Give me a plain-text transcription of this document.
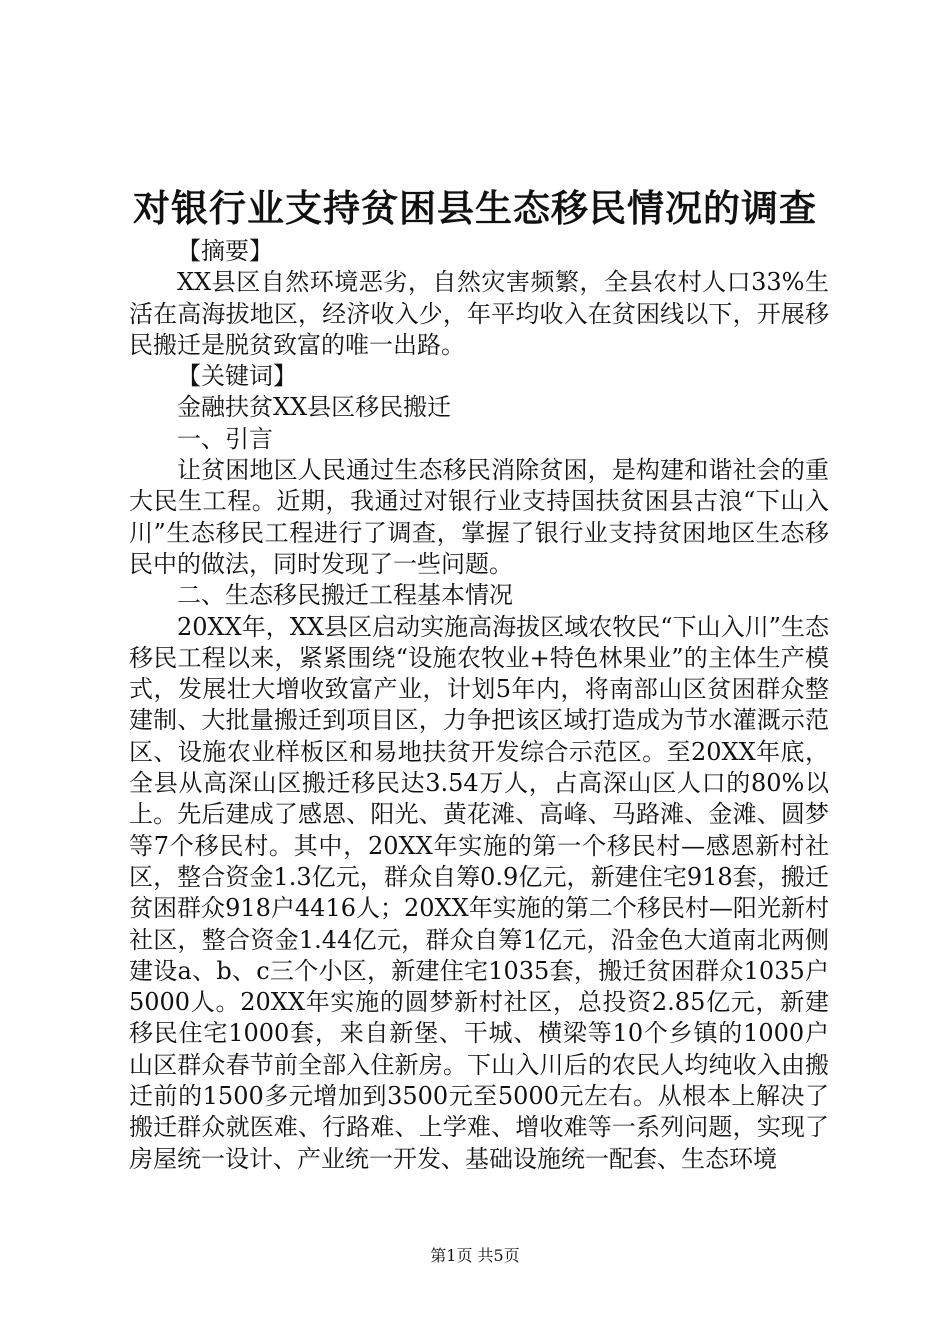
对银行业支持贫困县生态移民情况的调查

【摘要】

XX县区自然环境恶劣，自然灾害频繁，全县农村人口33%生活在高海拔地区，经济收入少，年平均收入在贫困线以下，开展移民搬迁是脱贫致富的唯一出路。

【关键词】

金融扶贫XX县区移民搬迁

一、引言

让贫困地区人民通过生态移民消除贫困，是构建和谐社会的重大民生工程。近期，我通过对银行业支持国扶贫困县古浪“下山入川”生态移民工程进行了调查，掌握了银行业支持贫困地区生态移民中的做法，同时发现了一些问题。

二、生态移民搬迁工程基本情况

20XX年，XX县区启动实施高海拔区域农牧民“下山入川”生态移民工程以来，紧紧围绕“设施农牧业+特色林果业”的主体生产模式，发展壮大增收致富产业，计划5年内，将南部山区贫困群众整建制、大批量搬迁到项目区，力争把该区域打造成为节水灌溉示范区、设施农业样板区和易地扶贫开发综合示范区。至20XX年底，全县从高深山区搬迁移民达3.54万人，占高深山区人口的80%以上。先后建成了感恩、阳光、黄花滩、高峰、马路滩、金滩、圆梦等7个移民村。其中，20XX年实施的第一个移民村—感恩新村社区，整合资金1.3亿元，群众自筹0.9亿元，新建住宅918套，搬迁贫困群众918户4416人；20XX年实施的第二个移民村—阳光新村社区，整合资金1.44亿元，群众自筹1亿元，沿金色大道南北两侧建设a、b、c三个小区，新建住宅1035套，搬迁贫困群众1035户5000人。20XX年实施的圆梦新村社区，总投资2.85亿元，新建移民住宅1000套，来自新堡、干城、横梁等10个乡镇的1000户山区群众春节前全部入住新房。下山入川后的农民人均纯收入由搬迁前的1500多元增加到3500元至5000元左右。从根本上解决了搬迁群众就医难、行路难、上学难、增收难等一系列问题，实现了房屋统一设计、产业统一开发、基础设施统一配套、生态环境

第1页 共5页
